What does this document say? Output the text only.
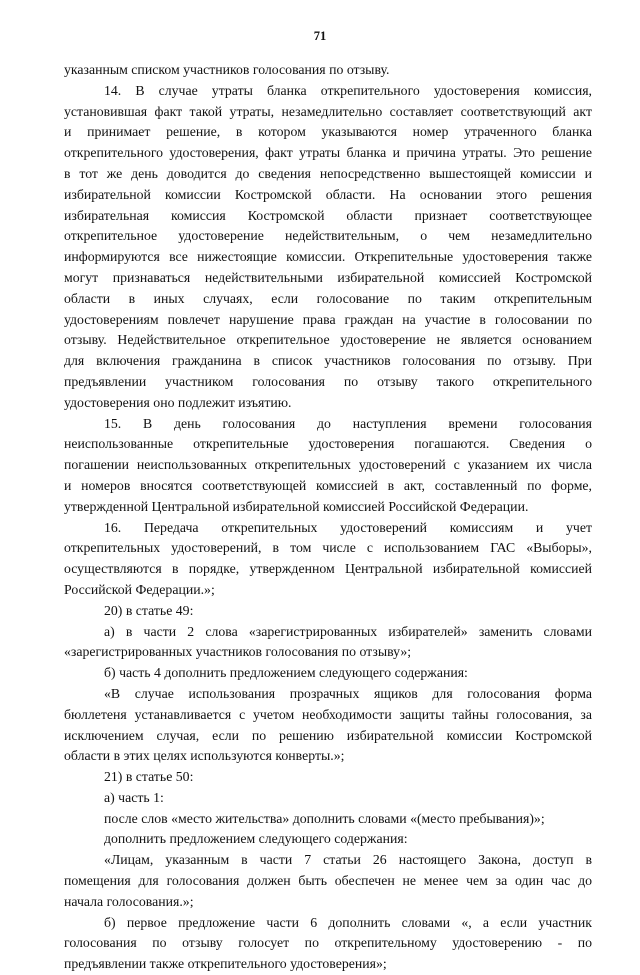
71
указанным списком участников голосования по отзыву.
14. В случае утраты бланка открепительного удостоверения комиссия,
установившая факт такой утраты, незамедлительно составляет соответствующий акт
и принимает решение, в котором указываются номер утраченного бланка
открепительного удостоверения, факт утраты бланка и причина утраты. Это решение
в тот же день доводится до сведения непосредственно вышестоящей комиссии и
избирательной комиссии Костромской области. На основании этого решения
избирательная комиссия Костромской области признает соответствующее
открепительное удостоверение недействительным, о чем незамедлительно
информируются все нижестоящие комиссии. Открепительные удостоверения также
могут признаваться недействительными избирательной комиссией Костромской
области в иных случаях, если голосование по таким открепительным
удостоверениям повлечет нарушение права граждан на участие в голосовании по
отзыву. Недействительное открепительное удостоверение не является основанием
для включения гражданина в список участников голосования по отзыву. При
предъявлении участником голосования по отзыву такого открепительного
удостоверения оно подлежит изъятию.
15. В день голосования до наступления времени голосования
неиспользованные открепительные удостоверения погашаются. Сведения о
погашении неиспользованных открепительных удостоверений с указанием их числа
и номеров вносятся соответствующей комиссией в акт, составленный по форме,
утвержденной Центральной избирательной комиссией Российской Федерации.
16. Передача открепительных удостоверений комиссиям и учет
открепительных удостоверений, в том числе с использованием ГАС «Выборы»,
осуществляются в порядке, утвержденном Центральной избирательной комиссией
Российской Федерации.»;
20) в статье 49:
а) в части 2 слова «зарегистрированных избирателей» заменить словами
«зарегистрированных участников голосования по отзыву»;
б) часть 4 дополнить предложением следующего содержания:
«В случае использования прозрачных ящиков для голосования форма
бюллетеня устанавливается с учетом необходимости защиты тайны голосования, за
исключением случая, если по решению избирательной комиссии Костромской
области в этих целях используются конверты.»;
21) в статье 50:
а) часть 1:
после слов «место жительства» дополнить словами «(место пребывания)»;
дополнить предложением следующего содержания:
«Лицам, указанным в части 7 статьи 26 настоящего Закона, доступ в
помещения для голосования должен быть обеспечен не менее чем за один час до
начала голосования.»;
б) первое предложение части 6 дополнить словами «, а если участник
голосования по отзыву голосует по открепительному удостоверению - по
предъявлении также открепительного удостоверения»;
